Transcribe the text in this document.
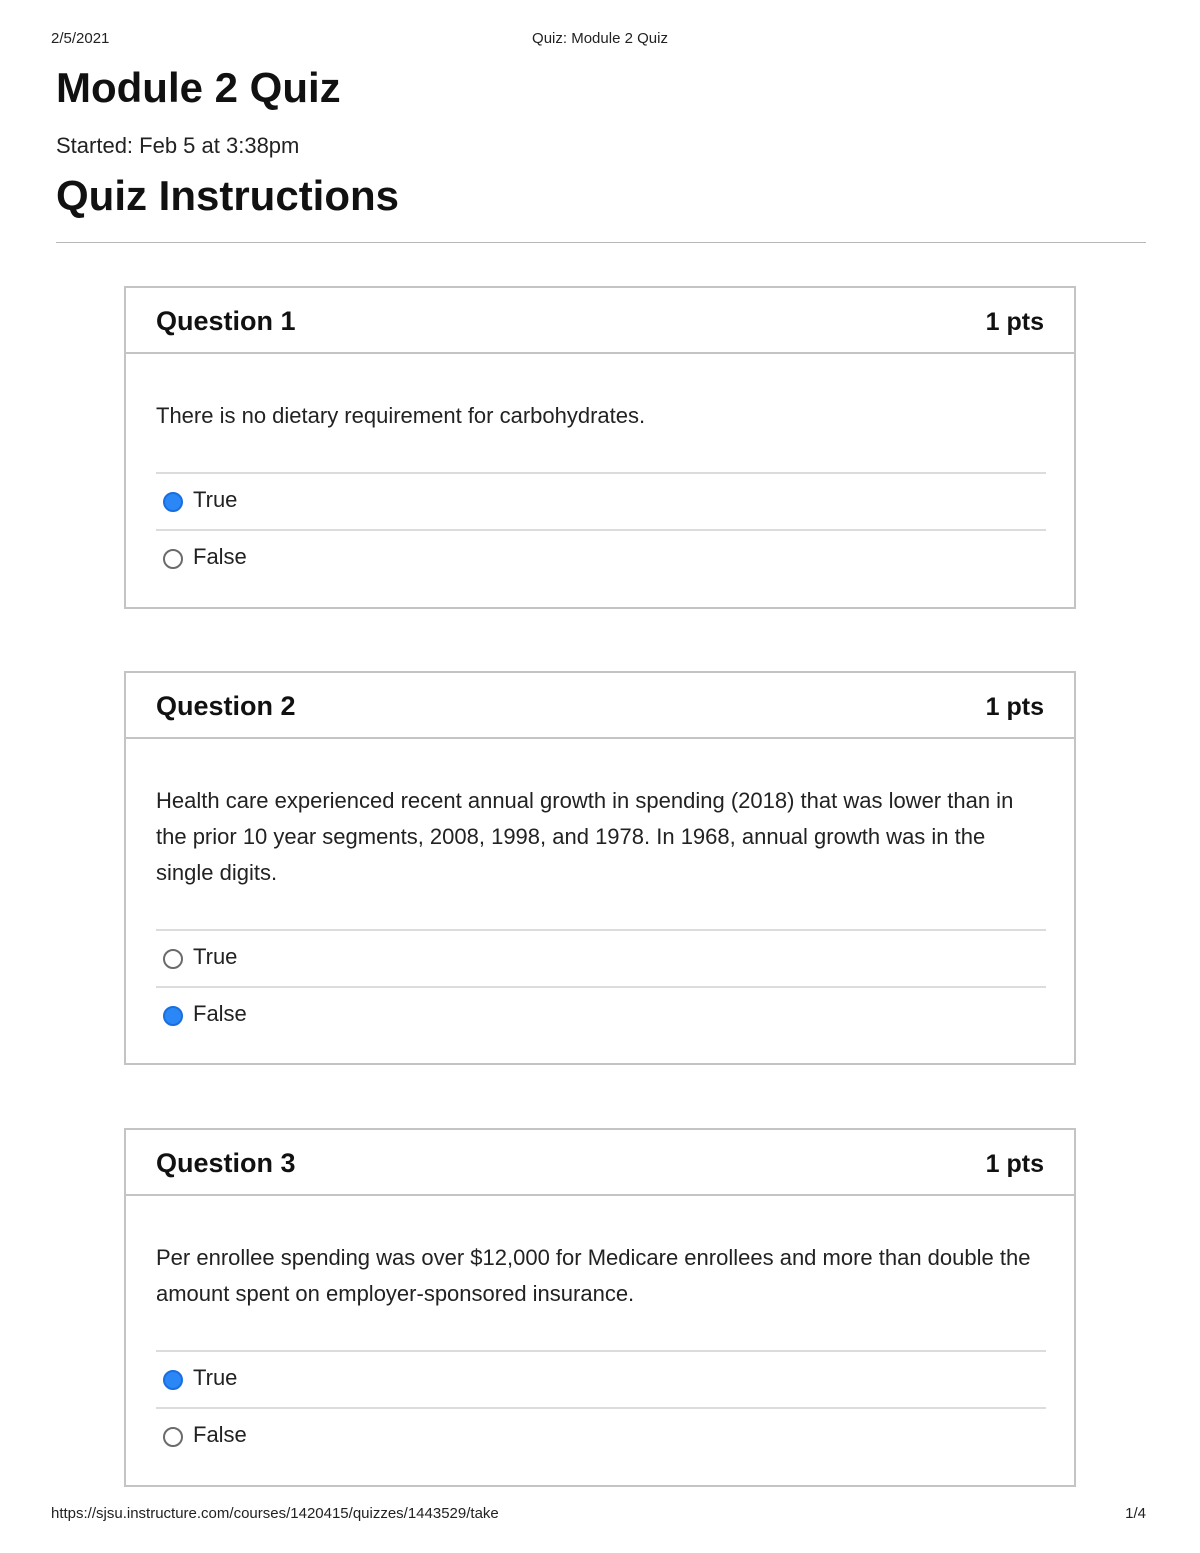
2/5/2021	Quiz: Module 2 Quiz
Module 2 Quiz
Started: Feb 5 at 3:38pm
Quiz Instructions
Question 1	1 pts
There is no dietary requirement for carbohydrates.
True
False
Question 2	1 pts
Health care experienced recent annual growth in spending (2018) that was lower than in the prior 10 year segments, 2008, 1998, and 1978. In 1968, annual growth was in the single digits.
True
False
Question 3	1 pts
Per enrollee spending was over $12,000 for Medicare enrollees and more than double the amount spent on employer-sponsored insurance.
True
False
https://sjsu.instructure.com/courses/1420415/quizzes/1443529/take	1/4
